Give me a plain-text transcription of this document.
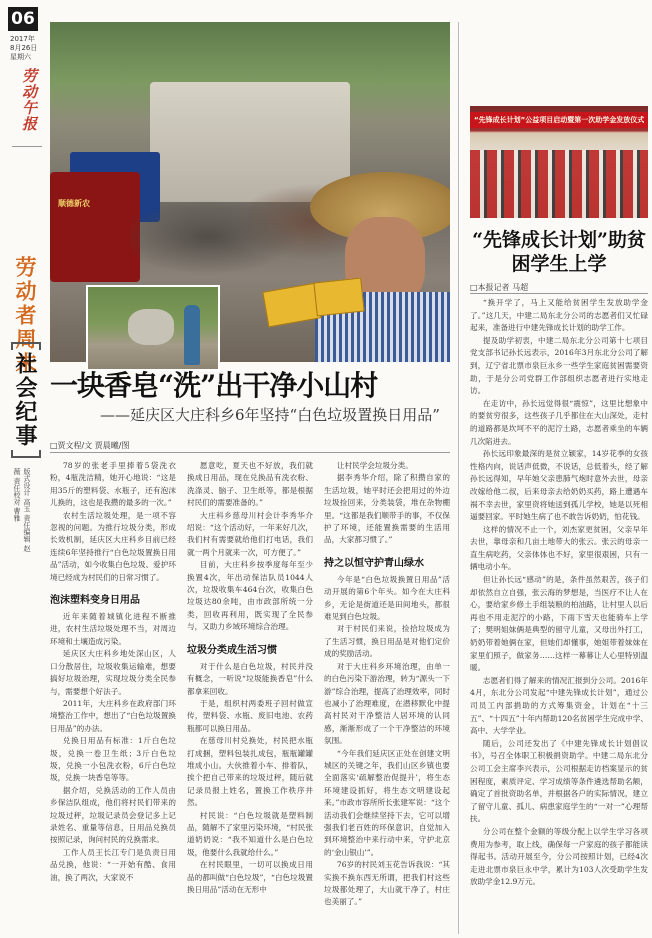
06
2017年
8月26日
星期六
劳动午报
劳动者周末
社会纪事
版式设计 高玉 责任编辑 赵薇 责任校对 曹雅
顺德新农
一块香皂“洗”出干净小山村
——延庆区大庄科乡6年坚持“白色垃圾置换日用品”
□贾文程/文 贾晨曦/图

78岁的张老手里捧着5袋洗衣粉，4瓶洗洁精，她开心地说：“这是用35斤的塑料袋、水瓶子，还有泡沫儿换的，这也是我攒的最多的一次。”

农村生活垃圾处理，是一项不容忽视的问题。为推行垃圾分类，形成长效机制，延庆区大庄科乡目前已经连续6年坚持推行“白色垃圾置换日用品”活动，如今收集白色垃圾、爱护环境已经成为村民们的日常习惯了。

泡沫塑料变身日用品

近年来随着城镇化进程不断推进，农村生活垃圾处理不当，对周边环境和土壤造成污染。

延庆区大庄科乡地处深山区，人口分散居住，垃圾收集运输难，想要搞好垃圾治理，实现垃圾分类全民参与，需要想个好法子。

2011年，大庄科乡在政府部门环境整治工作中，想出了“白色垃圾置换日用品”的办法。

兑换日用品有标准：1斤白色垃圾，兑换一卷卫生纸；3斤白色垃圾，兑换一小包洗衣粉，6斤白色垃圾，兑换一块香皂等等。

据介绍，兑换活动的工作人员由乡保洁队组成，他们将村民们带来的垃圾过秤，垃圾记录员会登记多上记录姓名、重量等信息，日用品兑换员按照记录，询问村民的兑换需求。

工作人员王长江专门是负责日用品兑换，他说：“一开始有酷、食用油，换了两次，大家说不

愿意吃，夏天也不好放，我们就换成日用品，现在兑换品有洗衣粉、洗涤灵、脑子、卫生纸等，都是根据村民们的需要准备的。”

大庄科乡慈母川村会计李秀华介绍说：“这个活动好，一年来好几次，我们村有需要就给他们打电话，我们就一两个月就来一次，可方便了。”

目前，大庄科乡按季度每年至少换置4次，年出动保洁队员1044人次，垃圾收集车464台次，收集白色垃圾达80余吨，由市政部所统一分类，回收再利用，既实现了全民参与，又助力乡域环境综合治理。

垃圾分类成生活习惯

对于什么是白色垃圾，村民并没有概念，一听说“垃圾能换香皂”什么都拿来回收。

于是，组织村两委班子回村做宣传，塑料袋、水瓶、废旧电池、农药瓶都可以换日用品。

在慈母川村兑换处，村民把水瓶打成捆，塑料包装扎成包，瓶瓶罐罐堆成小山。大伙推着小车、排着队，挨个把自己带来的垃圾过秤，随后就记录员报上姓名，置换工作秩序井然。

村民说：“白色垃圾就是塑料制品，随解不了家里污染环境，“村民张道奶奶说：“我不知道什么是白色垃圾，他要什么我就给什么。”

在村民眼里，一切可以换成日用品的都叫做“白色垃圾”，“白色垃圾置换日用品”活动在无形中

让村民学会垃圾分类。

据李秀华介绍，除了积攒自家的生活垃圾，她平时还会把用过的外边垃圾捡回来，分类装袋，堆在杂物棚里。“这都是我们顺带手的事，不仅保护了环境，还能置换需要的生活用品，大家都习惯了。”

持之以恒守护青山绿水

今年是“白色垃圾换置日用品”活动开展的第6个年头。如今在大庄科乡，无论是街道还是田间地头，都很难见到白色垃圾。

对于村民们来说，捡拾垃圾成为了生活习惯，换日用品是对他们定价成的奖励活动。

对于大庄科乡环境治理，由单一的白色污染下游治理，转为“源头一下游”综合治理，提高了治理效率，同时也减小了治理难度，在潜移默化中提高村民对干净整洁人居环境的认同感，渐渐形成了一个干净整洁的环境氛围。

“今年我们延庆区正处在创建文明城区的关键之年，我们山区乡镇也要全面落实‘疏解整治促提升’，将生态环境建设抓好，将生态文明建设起来。”市政市容所所长张建军说：“这个活动我们会继续坚持下去，它可以增强我们老百姓的环保意识，自觉加入到环境整治中来行动中来，守护北京的‘金山银山’”。

76岁的村民刘玉花告诉我说：“其实换不换东西无所谓，把我们村这些垃圾都处理了，大山就干净了，村庄也美丽了。”

“先锋成长计划”公益项目启动暨第一次助学金发放仪式
“先锋成长计划”助贫困学生上学
□本报记者 马超

“换开学了，马上又能给贫困学生发放助学金了。”这几天，中建二局东北分公司的志愿者们又忙碌起来，准备进行中建先锋成长计划的助学工作。

提及助学初衷，中建二局东北分公司第十七项目党支部书记孙长远表示，2016年3月东北分公司了解到，辽宁省北票市泉巨永乡一些学生家庭贫困需要资助，于是分公司党群工作部组织志愿者进行实地走访。

在走访中，孙长远觉得很“震惊”，这里比想象中的要贫穷很多，这些孩子几乎都住在大山深处，走村的道路都是坎坷不平的泥泞土路，志愿者乘坐的车辆几次陷进去。

孙长远印象最深的是贫立颖家，14岁花季的女孩性格内向，说话声低微，不说话，总低着头，经了解孙长远得知，早年她父亲患肺气炮时意外去世，母亲改嫁给他二叔，后来母亲去给奶奶买药，路上遭遇车祸不幸去世，家里资将她送到孤儿学校，她是以死相逼要回家。平时她生病了也不敢告诉奶奶，怕花钱。

这样的情况不止一个，刘杰家更贫困，父亲早年去世，靠母亲和几亩土地带大的张云。张云的母亲一直生病吃药，父亲体体也不好，家里很艰困，只有一辆电动小车。

但让孙长远“感动”的是，条件虽然艰苦，孩子们却依然自立自强，张云海的梦想是，当医疗不让人在心，要给家乡修土手组装粮的柏油路，让村里人以后再也不用走泥泞的小路，下雨下雪天也能骑车上学了；樊明姐妹俩是典型的留守儿童，又母出外打工，奶奶带着她俩在家，但她们却懂事，她姐带着妹妹在家里们照子，做家务……这样一幕幕让人心里特别温暖。

志愿者们得了解来的情况汇报到分公司。2016年4月，东北分公司发起“中建先锋成长计划”，通过公司员工内部捐助的方式筹集资金，计划在“十三五”、“十四五”十年内帮助120名贫困学生完成中学、高中、大学学业。

随后，公司还发出了《中建先锋成长计划倡议书》，号召全体职工积极捐资助学。中建二局东北分公司工会主席李兴表示，公司根据走访档案显示的贫困程度，素质评定、学习成绩等条件遴选帮助名额，确定了首批资助名单，并根据各户的实际情况，建立了留守儿童、孤儿、病患家庭学生的“一对一”心理帮扶。

分公司在整个金额的等级分配上以学生学习各项费用为参考，取上线，确保每一户家庭的孩子都能读得起书。活动开展至今，分公司按照计划，已经4次走进北票市泉巨永中学，累计为103人次受助学生发放助学金12.9万元。
